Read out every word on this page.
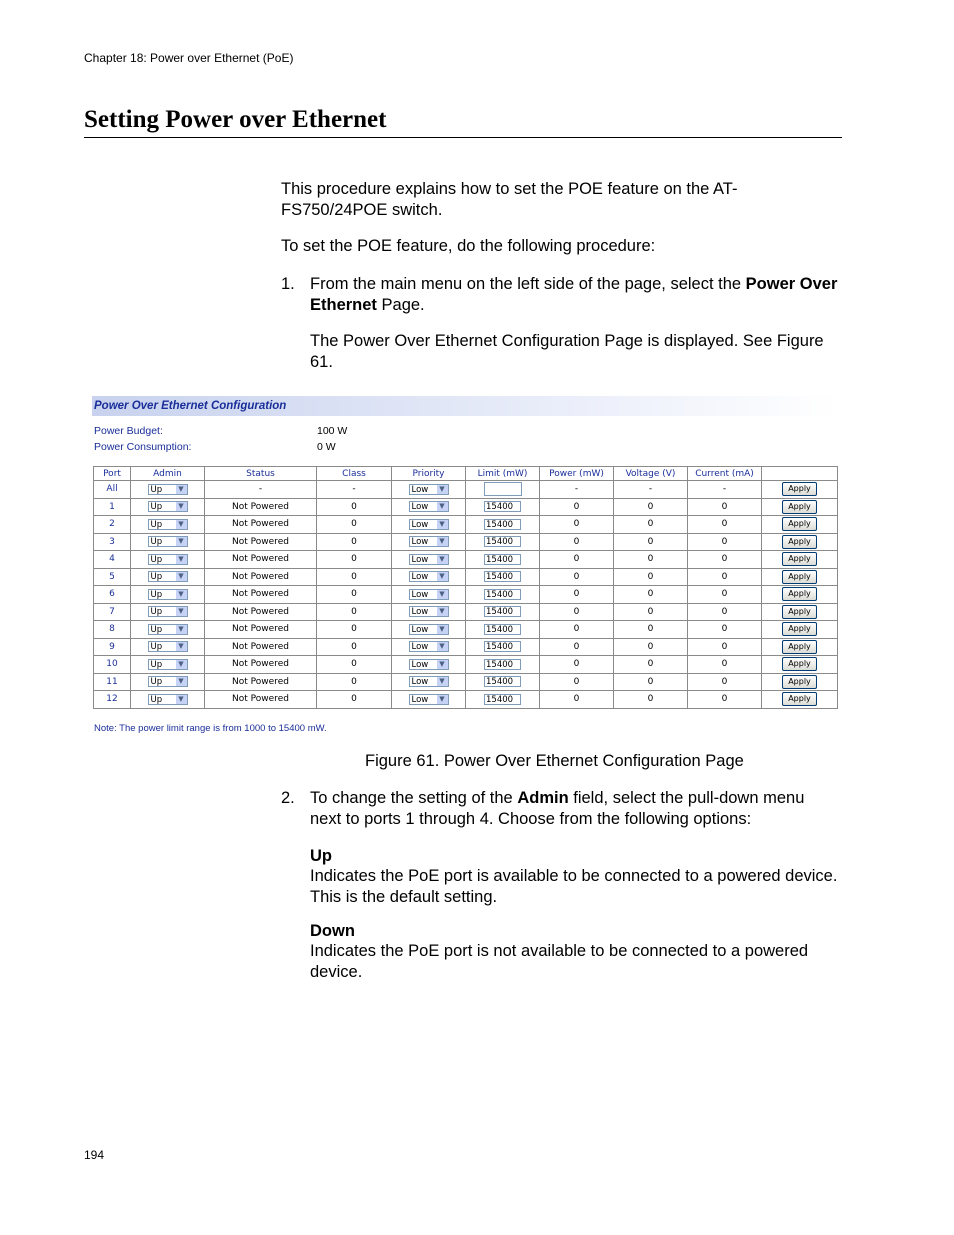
Chapter 18: Power over Ethernet (PoE)
Setting Power over Ethernet
This procedure explains how to set the POE feature on the AT-FS750/24POE switch.
To set the POE feature, do the following procedure:
1. From the main menu on the left side of the page, select the Power Over Ethernet Page.
The Power Over Ethernet Configuration Page is displayed. See Figure 61.
Power Over Ethernet Configuration
Power Budget:	100 W
Power Consumption:	0 W
Port	Admin	Status	Class	Priority	Limit (mW)	Power (mW)	Voltage (V)	Current (mA)	
All	Up ▼	-	-	Low ▼		-	-	-	Apply
1	Up ▼	Not Powered	0	Low ▼	15400	0	0	0	Apply
2	Up ▼	Not Powered	0	Low ▼	15400	0	0	0	Apply
3	Up ▼	Not Powered	0	Low ▼	15400	0	0	0	Apply
4	Up ▼	Not Powered	0	Low ▼	15400	0	0	0	Apply
5	Up ▼	Not Powered	0	Low ▼	15400	0	0	0	Apply
6	Up ▼	Not Powered	0	Low ▼	15400	0	0	0	Apply
7	Up ▼	Not Powered	0	Low ▼	15400	0	0	0	Apply
8	Up ▼	Not Powered	0	Low ▼	15400	0	0	0	Apply
9	Up ▼	Not Powered	0	Low ▼	15400	0	0	0	Apply
10	Up ▼	Not Powered	0	Low ▼	15400	0	0	0	Apply
11	Up ▼	Not Powered	0	Low ▼	15400	0	0	0	Apply
12	Up ▼	Not Powered	0	Low ▼	15400	0	0	0	Apply
Note: The power limit range is from 1000 to 15400 mW.
Figure 61. Power Over Ethernet Configuration Page
2. To change the setting of the Admin field, select the pull-down menu next to ports 1 through 4. Choose from the following options:
Up
Indicates the PoE port is available to be connected to a powered device. This is the default setting.
Down
Indicates the PoE port is not available to be connected to a powered device.
194
